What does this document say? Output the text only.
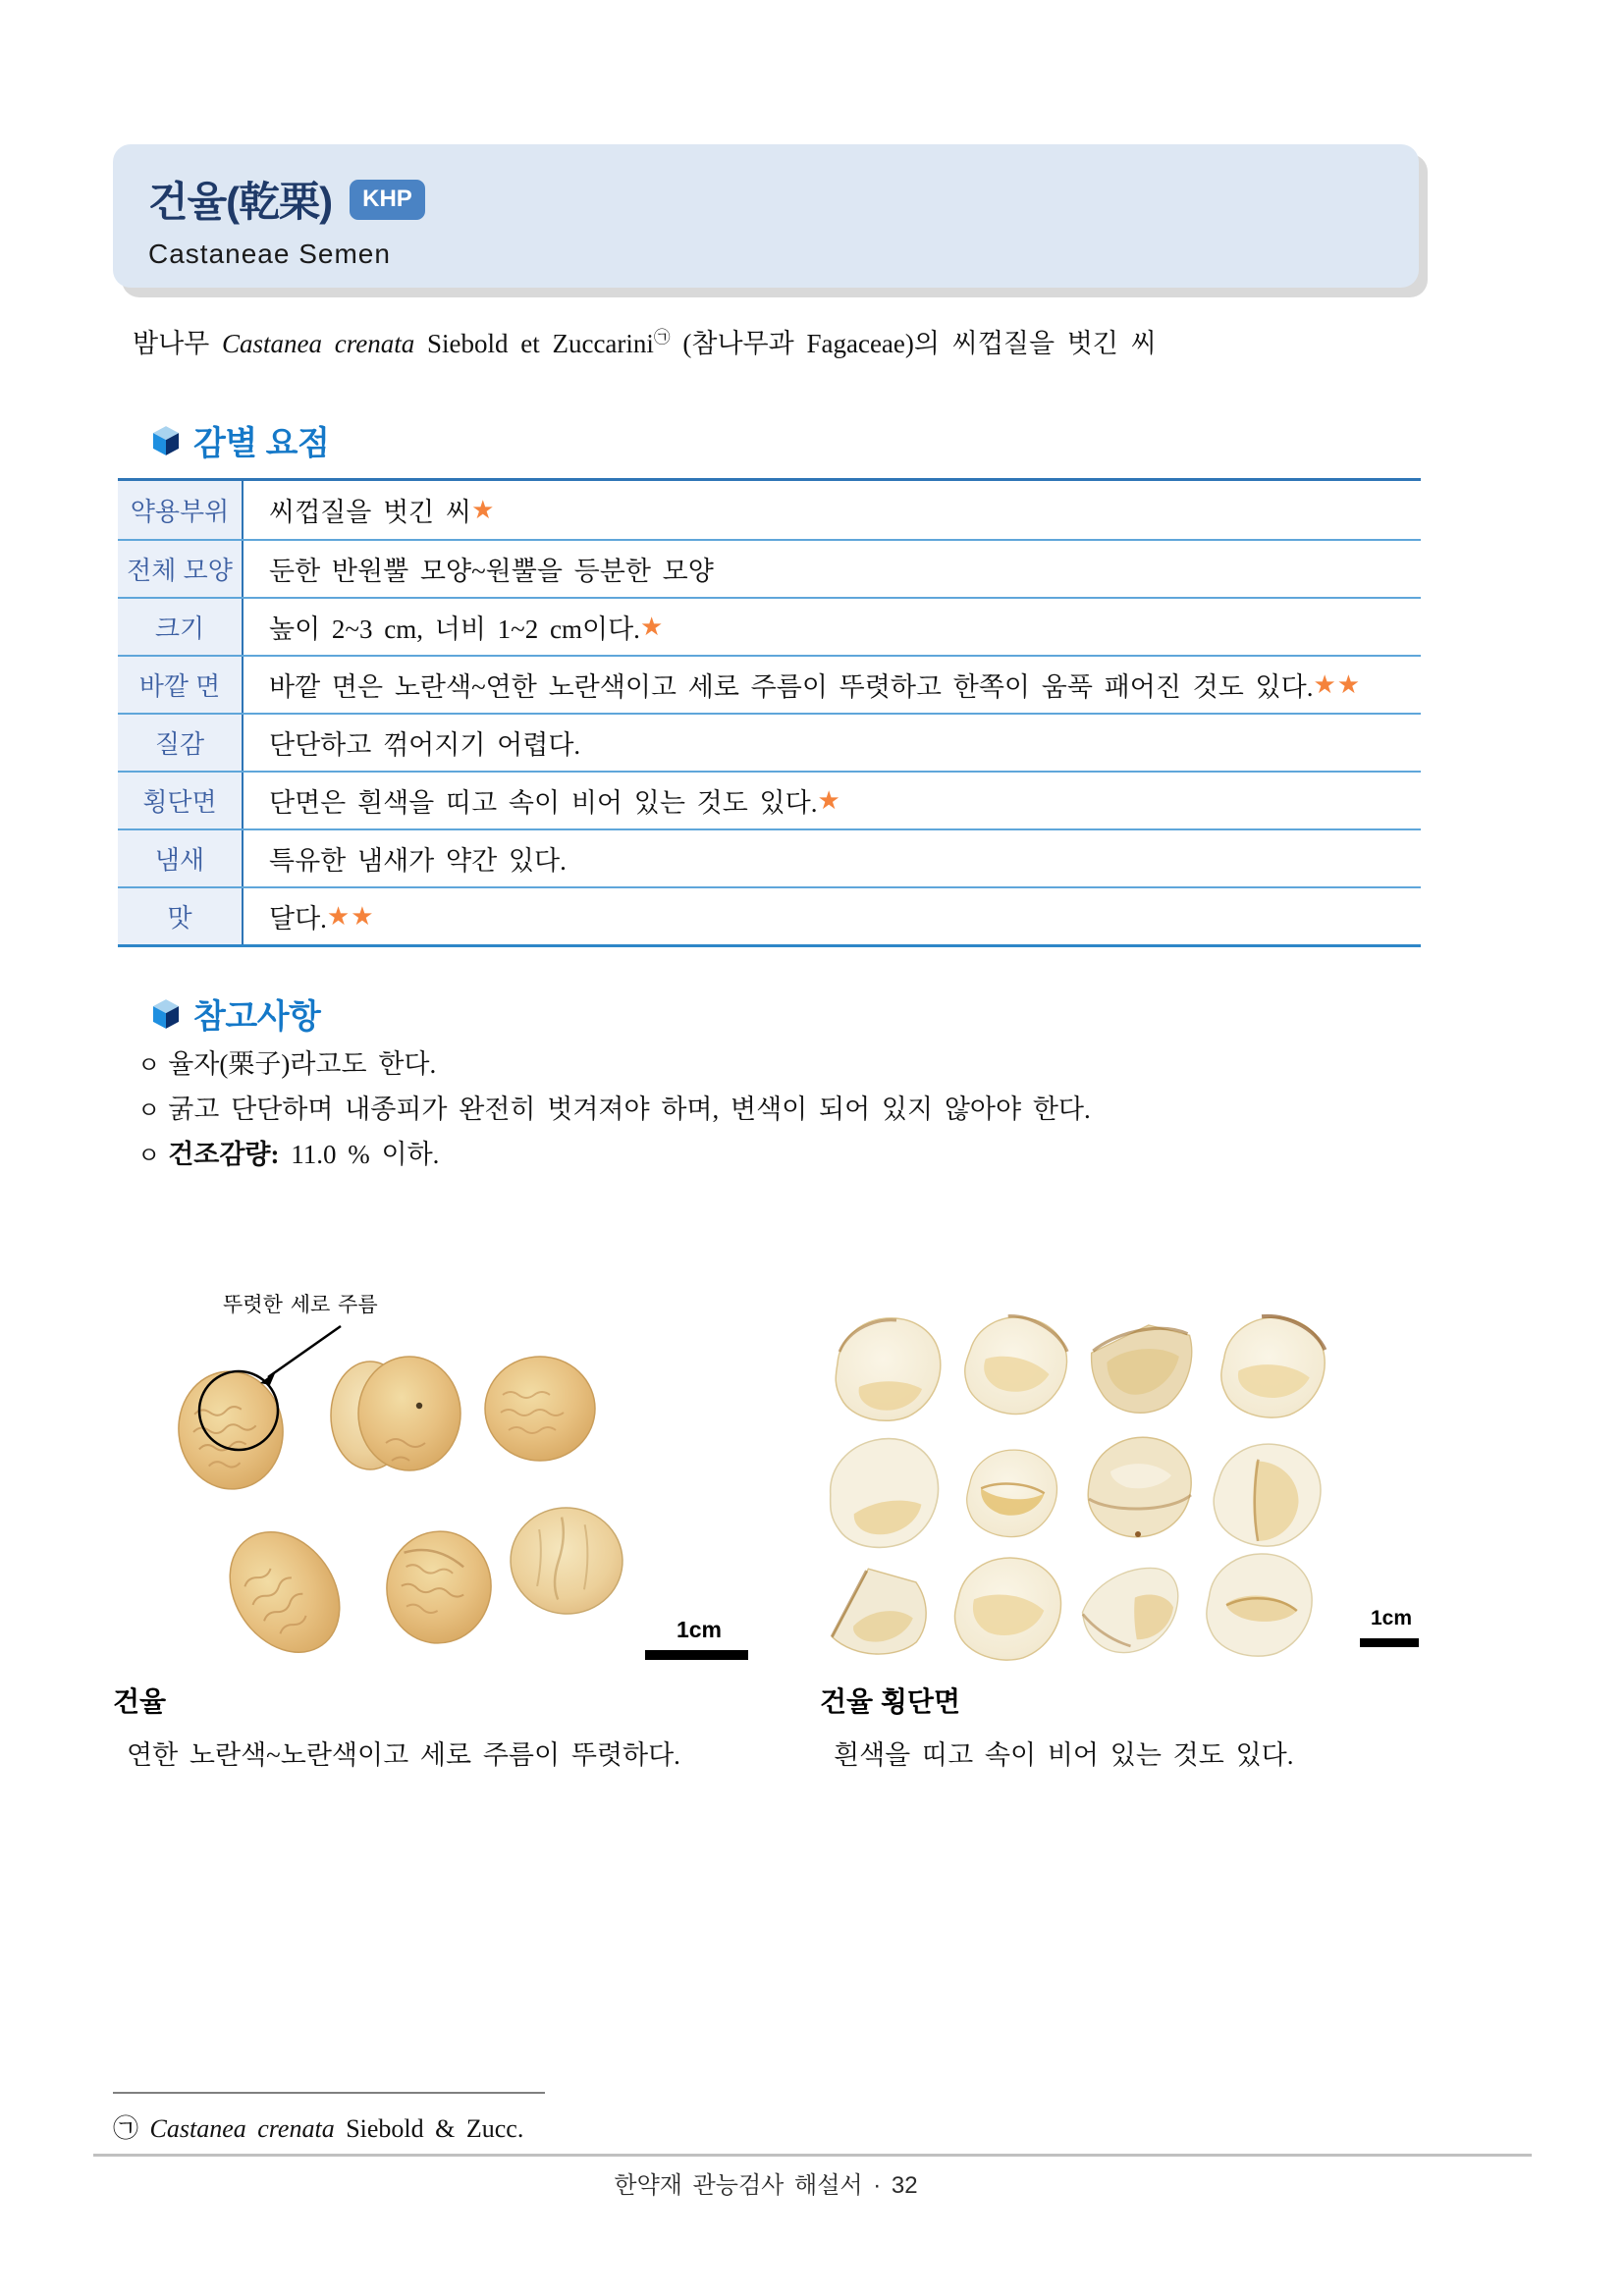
건율(乾栗)	KHP
Castaneae Semen
밤나무 Castanea crenata Siebold et Zuccarini㉠ (참나무과 Fagaceae)의 씨껍질을 벗긴 씨
감별 요점
약용부위	씨껍질을 벗긴 씨 ★
전체 모양	둔한 반원뿔 모양~원뿔을 등분한 모양
크기	높이 2~3 cm, 너비 1~2 cm이다. ★
바깥 면	바깥 면은 노란색~연한 노란색이고 세로 주름이 뚜렷하고 한쪽이 움푹 패어진 것도 있다. ★★
질감	단단하고 꺾어지기 어렵다.
횡단면	단면은 흰색을 띠고 속이 비어 있는 것도 있다. ★
냄새	특유한 냄새가 약간 있다.
맛	달다. ★★
참고사항
ㅇ 율자(栗子)라고도 한다.
ㅇ 굵고 단단하며 내종피가 완전히 벗겨져야 하며, 변색이 되어 있지 않아야 한다.
ㅇ 건조감량: 11.0 % 이하.
뚜렷한 세로 주름
1cm	1cm
건율
연한 노란색~노란색이고 세로 주름이 뚜렷하다.
건율 횡단면
흰색을 띠고 속이 비어 있는 것도 있다.
㉠ Castanea crenata Siebold & Zucc.
한약재 관능검사 해설서 · 32
